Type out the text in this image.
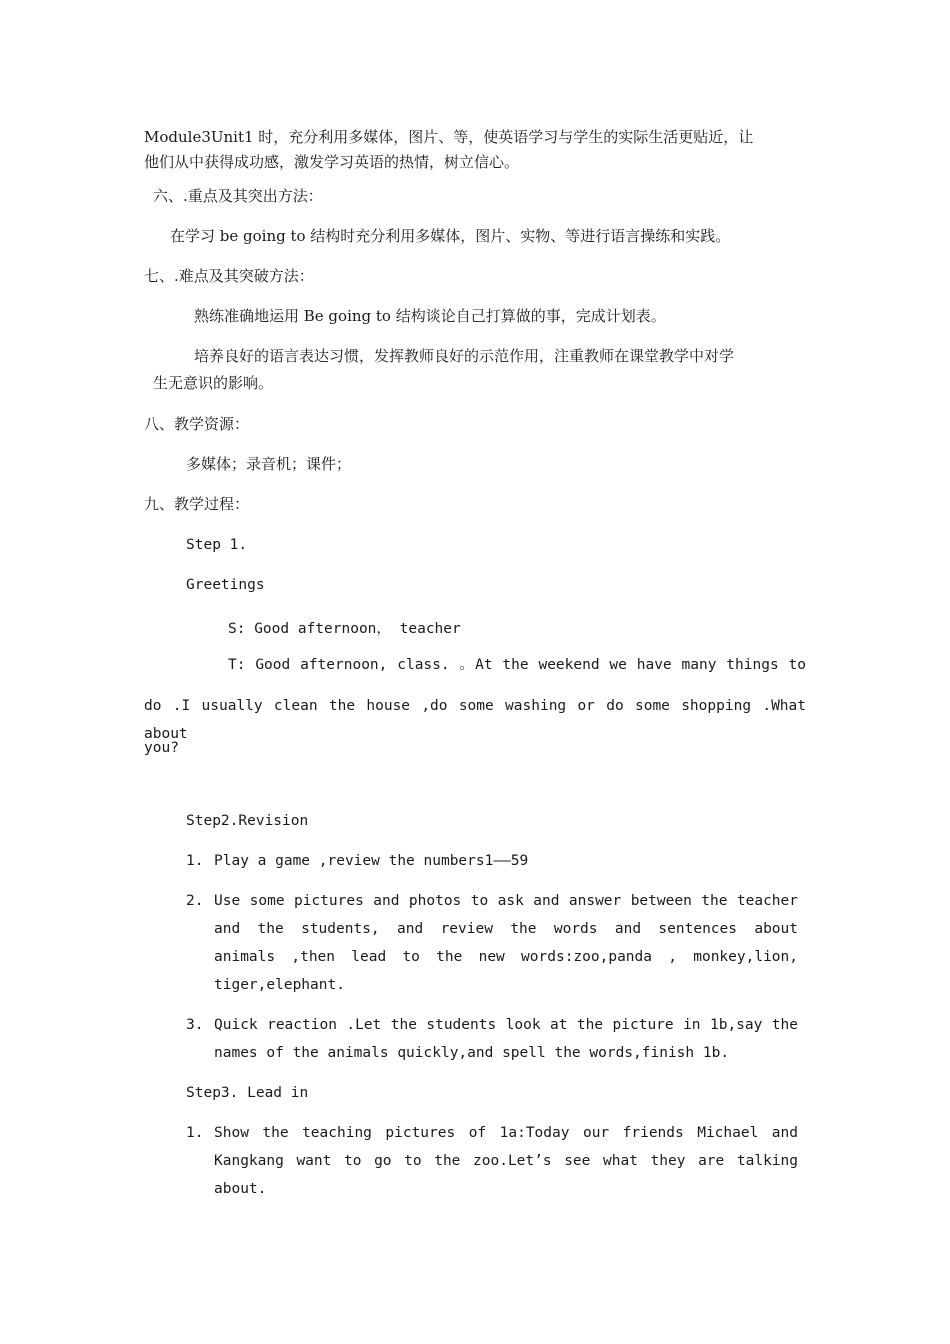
Module3Unit1 时，充分利用多媒体，图片、等，使英语学习与学生的实际生活更贴近，让
他们从中获得成功感，激发学习英语的热情，树立信心。
六、.重点及其突出方法：
在学习 be going to 结构时充分利用多媒体，图片、实物、等进行语言操练和实践。
七、.难点及其突破方法：
熟练准确地运用 Be going to 结构谈论自己打算做的事，完成计划表。
培养良好的语言表达习惯，发挥教师良好的示范作用，注重教师在课堂教学中对学
生无意识的影响。
八、教学资源：
多媒体；录音机；课件；
九、教学过程：
Step 1.
Greetings
S: Good afternoon， teacher
T: Good afternoon, class. 。At the weekend we have many things to
do .I usually clean the house ,do some washing or do some shopping .What about
you?
Step2.Revision
1. Play a game ,review the numbers1——59
2. Use some pictures and photos to ask and answer between the teacher
and the students, and review the words and sentences about
animals ,then lead to the new words:zoo,panda , monkey,lion,
tiger,elephant.
3. Quick reaction .Let the students look at the picture in 1b,say the
names of the animals quickly,and spell the words,finish 1b.
Step3. Lead in
1. Show the teaching pictures of 1a:Today our friends Michael and
Kangkang want to go to the zoo.Let’s see what they are talking
about.
